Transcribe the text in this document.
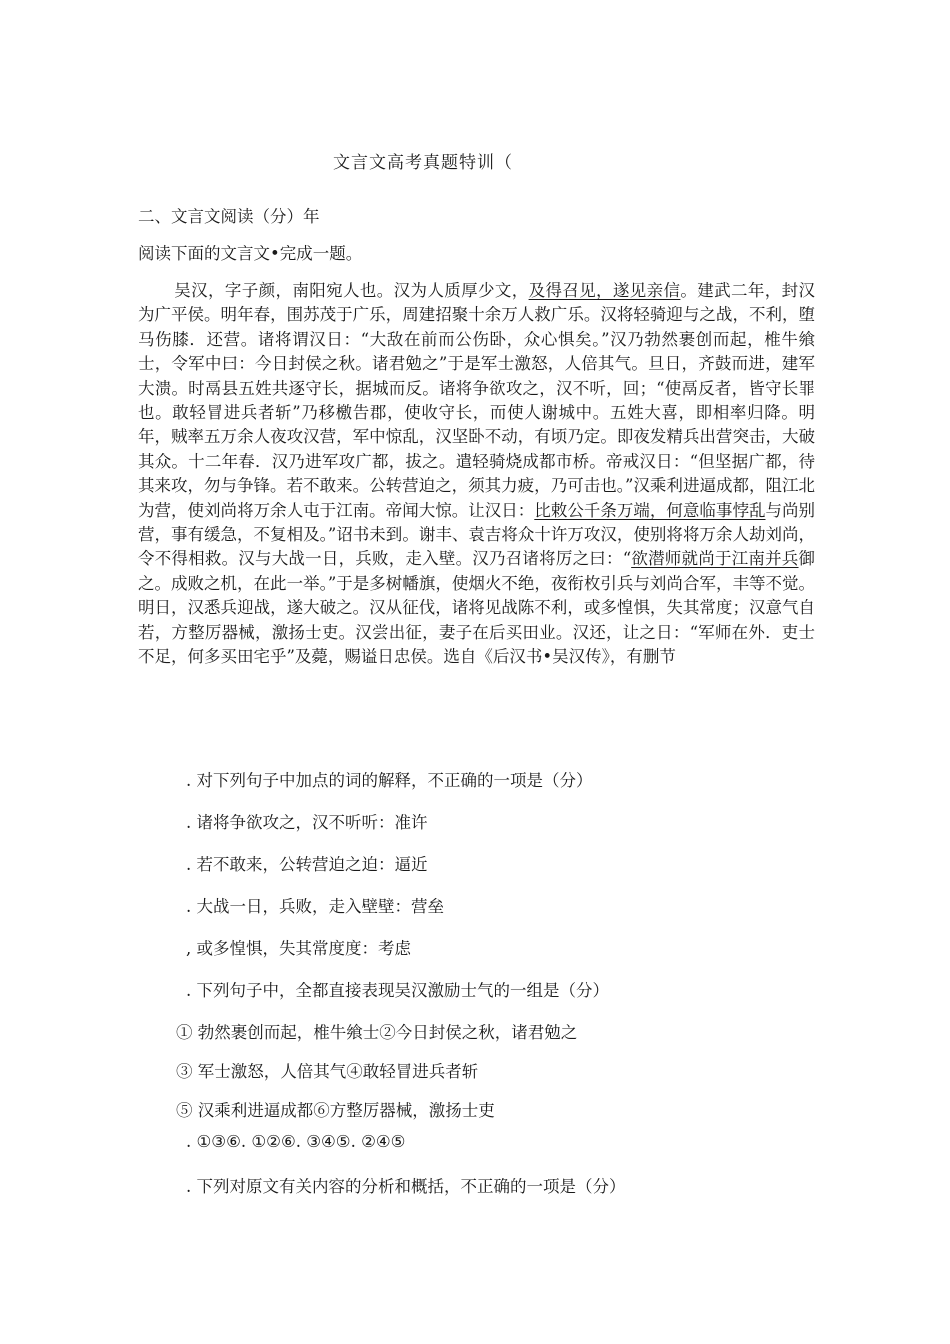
文言文高考真题特训（
二、文言文阅读（分）年
阅读下面的文言文•完成一题。

吴汉，字子颜，南阳宛人也。汉为人质厚少文，及得召见，遂见亲信。建武二年，封汉为广平侯。明年春，围苏茂于广乐，周建招聚十余万人救广乐。汉将轻骑迎与之战，不利，堕马伤膝．还营。诸将谓汉日：“大敌在前而公伤卧，众心惧矣。”汉乃勃然裹创而起，椎牛飨士，令军中曰：今日封侯之秋。诸君勉之”于是军士激怒，人倍其气。旦日，齐鼓而进，建军大溃。时鬲县五姓共逐守长，据城而反。诸将争欲攻之，汉不听，回；“使鬲反者，皆守长罪也。敢轻冒进兵者斩”乃移檄告郡，使收守长，而使人谢城中。五姓大喜，即相率归降。明年，贼率五万余人夜攻汉营，军中惊乱，汉坚卧不动，有顷乃定。即夜发精兵出营突击，大破其众。十二年春．汉乃进军攻广都，拔之。遣轻骑烧成都市桥。帝戒汉日：“但坚据广都，待其来攻，勿与争锋。若不敢来。公转营迫之，须其力疲，乃可击也。”汉乘利进逼成都，阻江北为营，使刘尚将万余人屯于江南。帝闻大惊。让汉日：比敕公千条万端，何意临事悖乱与尚别营，事有缓急，不复相及。”诏书未到。谢丰、袁吉将众十许万攻汉，使别将将万余人劫刘尚，令不得相救。汉与大战一日，兵败，走入壁。汉乃召诸将厉之曰：“欲潜师就尚于江南并兵御之。成败之机，在此一举。”于是多树幡旗，使烟火不绝，夜衔枚引兵与刘尚合军，丰等不觉。明日，汉悉兵迎战，遂大破之。汉从征伐，诸将见战陈不利，或多惶惧，失其常度；汉意气自若，方整厉器械，激扬士吏。汉尝出征，妻子在后买田业。汉还，让之日：“军师在外．吏士不足，何多买田宅乎”及薨，赐谥日忠侯。选自《后汉书•吴汉传》，有删节

. 对下列句子中加点的词的解释，不正确的一项是（分）
. 诸将争欲攻之，汉不听听：准许
. 若不敢来，公转营迫之迫：逼近
. 大战一日，兵败，走入壁壁：营垒
, 或多惶惧，失其常度度：考虑
. 下列句子中，全都直接表现吴汉激励士气的一组是（分）
① 勃然裹创而起，椎牛飨士②今日封侯之秋，诸君勉之
③ 军士激怒，人倍其气④敢轻冒进兵者斩
⑤ 汉乘利进逼成都⑥方整厉器械，激扬士吏
. ①③⑥. ①②⑥. ③④⑤. ②④⑤
. 下列对原文有关内容的分析和概括，不正确的一项是（分）
